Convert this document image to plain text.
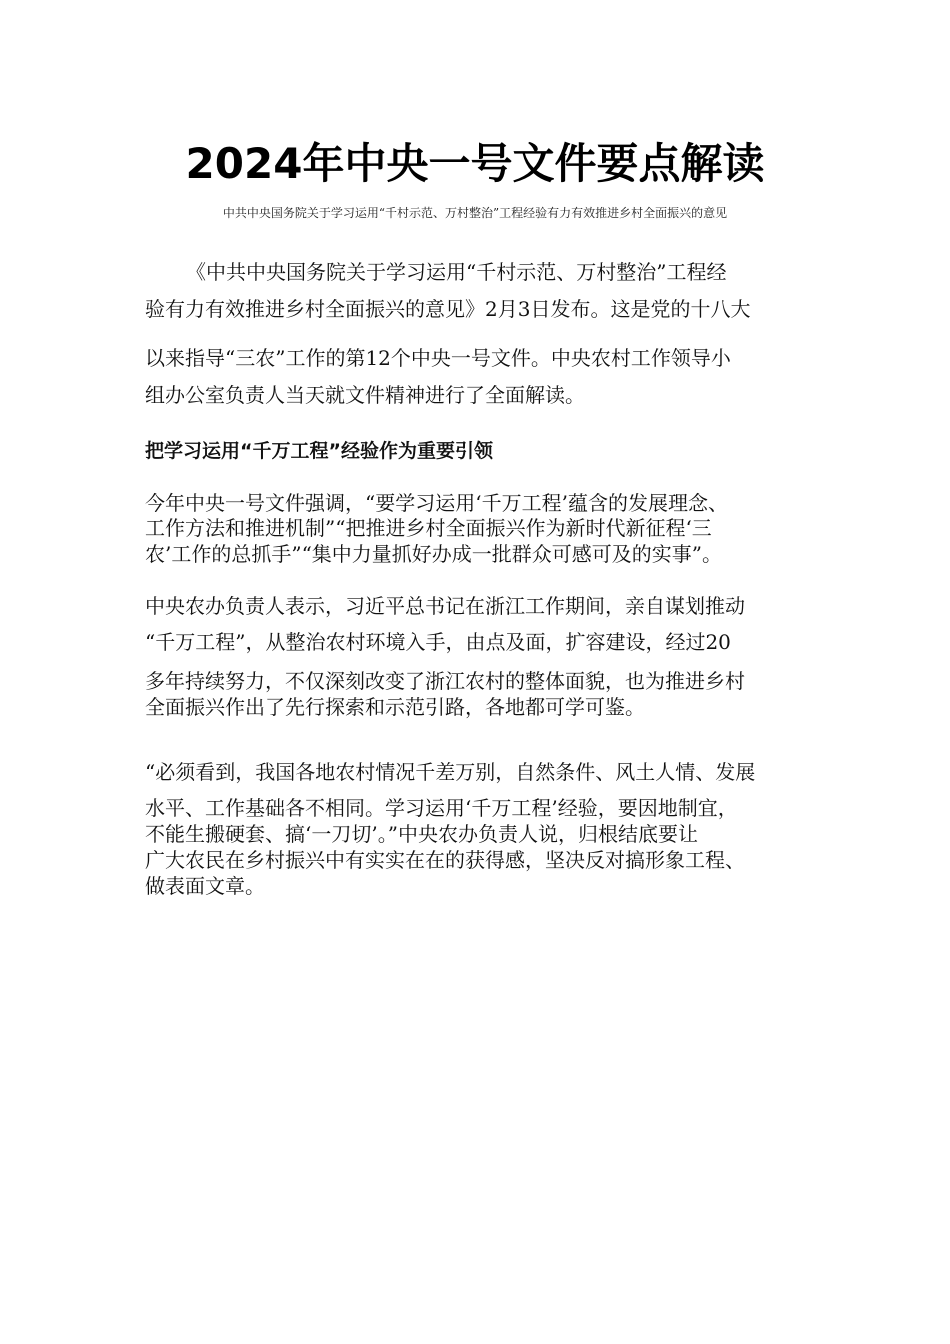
2024年中央一号文件要点解读
中共中央国务院关于学习运用“千村示范、万村整治”工程经验有力有效推进乡村全面振兴的意见
《中共中央国务院关于学习运用“千村示范、万村整治”工程经
验有力有效推进乡村全面振兴的意见》2月3日发布。这是党的十八大
以来指导“三农”工作的第12个中央一号文件。中央农村工作领导小
组办公室负责人当天就文件精神进行了全面解读。
把学习运用“千万工程”经验作为重要引领
今年中央一号文件强调，“要学习运用‘千万工程’蕴含的发展理念、
工作方法和推进机制”“把推进乡村全面振兴作为新时代新征程‘三
农’工作的总抓手”“集中力量抓好办成一批群众可感可及的实事”。
中央农办负责人表示，习近平总书记在浙江工作期间，亲自谋划推动
“千万工程”，从整治农村环境入手，由点及面，扩容建设，经过20
多年持续努力，不仅深刻改变了浙江农村的整体面貌，也为推进乡村
全面振兴作出了先行探索和示范引路，各地都可学可鉴。
“必须看到，我国各地农村情况千差万别，自然条件、风土人情、发展
水平、工作基础各不相同。学习运用‘千万工程’经验，要因地制宜，
不能生搬硬套、搞‘一刀切’。”中央农办负责人说，归根结底要让
广大农民在乡村振兴中有实实在在的获得感，坚决反对搞形象工程、
做表面文章。
